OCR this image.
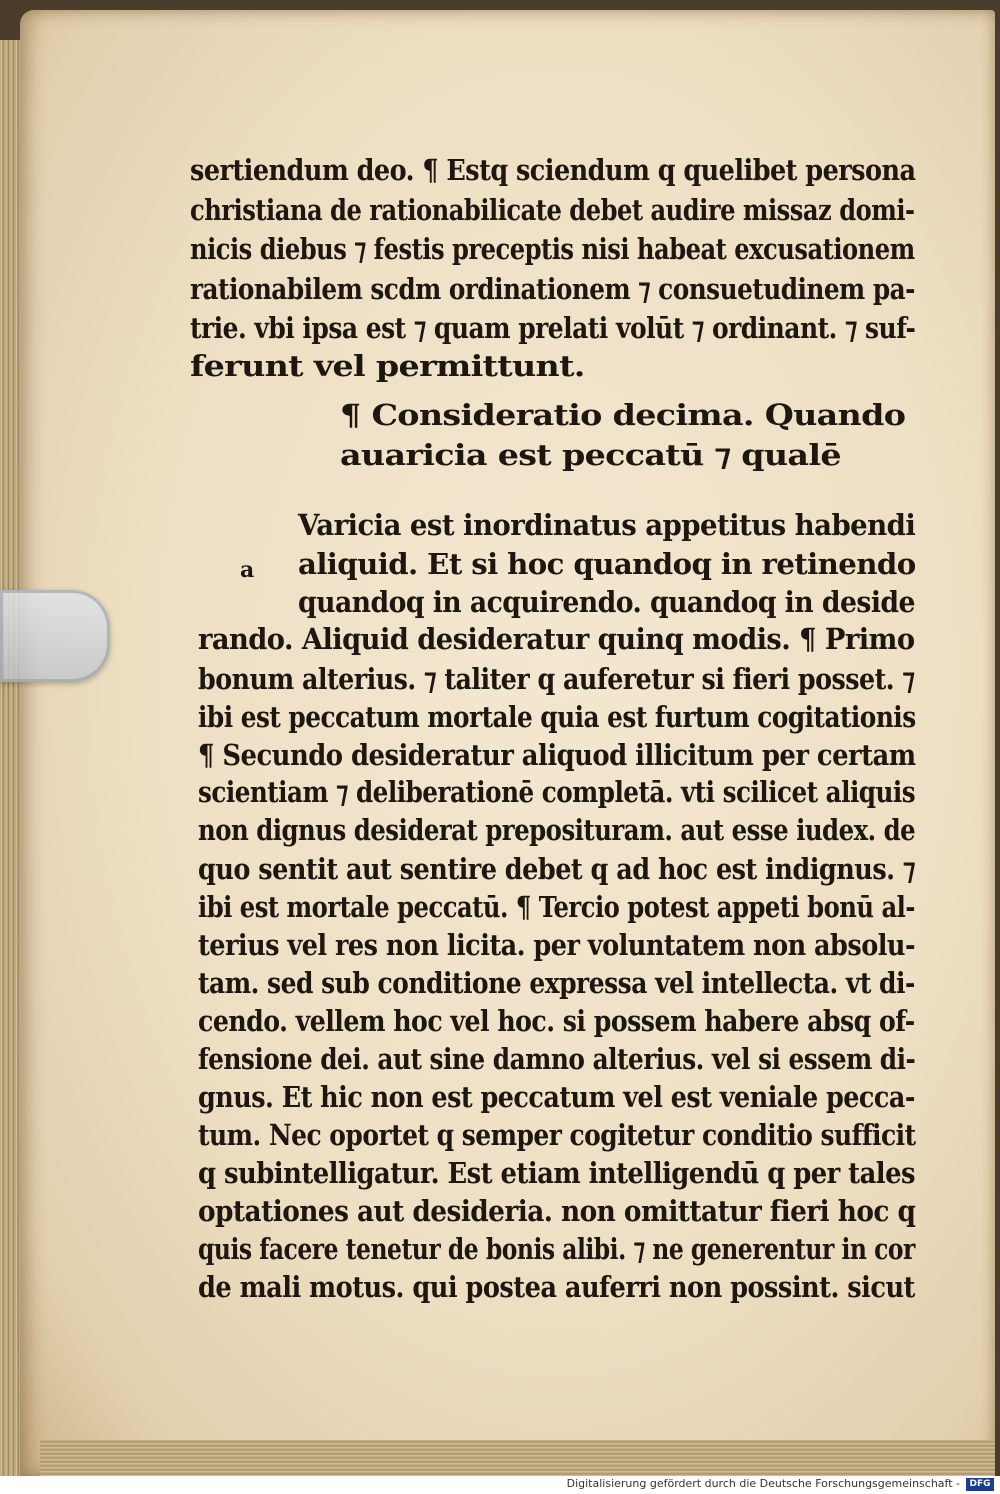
sertiendum deo. ¶ Estq sciendum q quelibet persona

christiana de rationabilicate debet audire missaz domi-

nicis diebus ⁊ festis preceptis nisi habeat excusationem

rationabilem scdm ordinationem ⁊ consuetudinem pa-

trie. vbi ipsa est ⁊ quam prelati volūt ⁊ ordinant. ⁊ suf-

ferunt vel permittunt.

¶ Consideratio decima. Quando

auaricia est peccatū ⁊ qualē

a

Varicia est inordinatus appetitus habendi

aliquid. Et si hoc quandoq in retinendo

quandoq in acquirendo. quandoq in deside

rando. Aliquid desideratur quinq modis. ¶ Primo

bonum alterius. ⁊ taliter q auferetur si fieri posset. ⁊

ibi est peccatum mortale quia est furtum cogitationis

¶ Secundo desideratur aliquod illicitum per certam

scientiam ⁊ deliberationē completā. vti scilicet aliquis

non dignus desiderat preposituram. aut esse iudex. de

quo sentit aut sentire debet q ad hoc est indignus. ⁊

ibi est mortale peccatū. ¶ Tercio potest appeti bonū al-

terius vel res non licita. per voluntatem non absolu-

tam. sed sub conditione expressa vel intellecta. vt di-

cendo. vellem hoc vel hoc. si possem habere absq of-

fensione dei. aut sine damno alterius. vel si essem di-

gnus. Et hic non est peccatum vel est veniale pecca-

tum. Nec oportet q semper cogitetur conditio sufficit

q subintelligatur. Est etiam intelligendū q per tales

optationes aut desideria. non omittatur fieri hoc q

quis facere tenetur de bonis alibi. ⁊ ne generentur in cor

de mali motus. qui postea auferri non possint. sicut

Digitalisierung gefördert durch die Deutsche Forschungsgemeinschaft -	DFG
